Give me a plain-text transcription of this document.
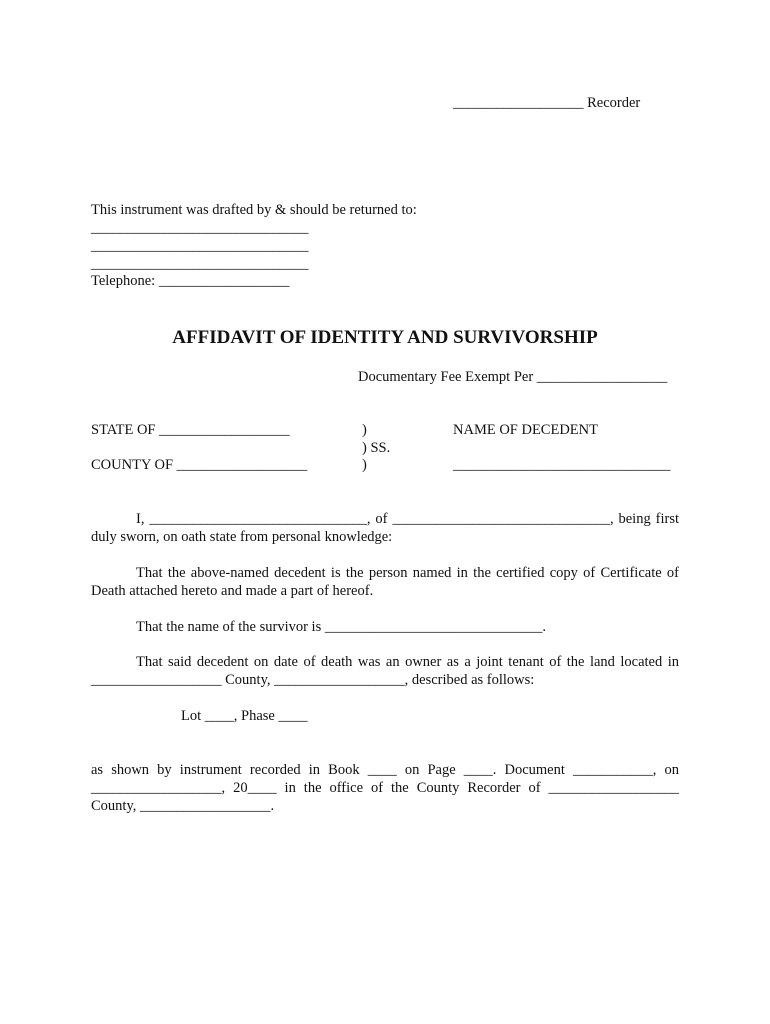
__________________ Recorder
This instrument was drafted by & should be returned to:
______________________________
______________________________
______________________________
Telephone: __________________
AFFIDAVIT OF IDENTITY AND SURVIVORSHIP
Documentary Fee Exempt Per __________________
STATE OF __________________
COUNTY OF __________________
)
) SS.
)
NAME OF DECEDENT
______________________________
I, ______________________________, of ______________________________, being first duly sworn, on oath state from personal knowledge:
That the above-named decedent is the person named in the certified copy of Certificate of Death attached hereto and made a part of hereof.
That the name of the survivor is ______________________________.
That said decedent on date of death was an owner as a joint tenant of the land located in __________________ County, __________________, described as follows:
Lot ____, Phase ____
as shown by instrument recorded in Book ____ on Page ____. Document ___________, on __________________, 20____ in the office of the County Recorder of __________________ County, __________________.
